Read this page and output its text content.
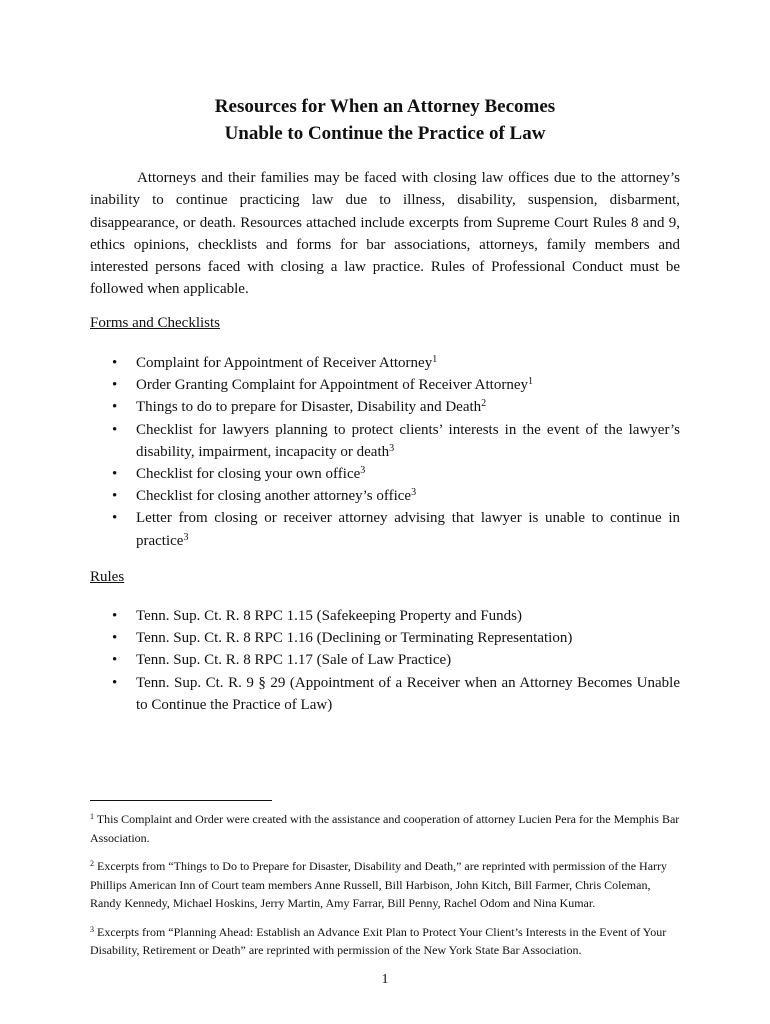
Resources for When an Attorney Becomes
Unable to Continue the Practice of Law

Attorneys and their families may be faced with closing law offices due to the attorney’s inability to continue practicing law due to illness, disability, suspension, disbarment, disappearance, or death. Resources attached include excerpts from Supreme Court Rules 8 and 9, ethics opinions, checklists and forms for bar associations, attorneys, family members and interested persons faced with closing a law practice. Rules of Professional Conduct must be followed when applicable.

Forms and Checklists

• Complaint for Appointment of Receiver Attorney$^1$
• Order Granting Complaint for Appointment of Receiver Attorney$^1$
• Things to do to prepare for Disaster, Disability and Death$^2$
• Checklist for lawyers planning to protect clients’ interests in the event of the lawyer’s disability, impairment, incapacity or death$^3$
• Checklist for closing your own office$^3$
• Checklist for closing another attorney’s office$^3$
• Letter from closing or receiver attorney advising that lawyer is unable to continue in practice$^3$

Rules

• Tenn. Sup. Ct. R. 8 RPC 1.15 (Safekeeping Property and Funds)
• Tenn. Sup. Ct. R. 8 RPC 1.16 (Declining or Terminating Representation)
• Tenn. Sup. Ct. R. 8 RPC 1.17 (Sale of Law Practice)
• Tenn. Sup. Ct. R. 9 § 29 (Appointment of a Receiver when an Attorney Becomes Unable to Continue the Practice of Law)

$^1$ This Complaint and Order were created with the assistance and cooperation of attorney Lucien Pera for the Memphis Bar Association.

$^2$ Excerpts from “Things to Do to Prepare for Disaster, Disability and Death,” are reprinted with permission of the Harry Phillips American Inn of Court team members Anne Russell, Bill Harbison, John Kitch, Bill Farmer, Chris Coleman, Randy Kennedy, Michael Hoskins, Jerry Martin, Amy Farrar, Bill Penny, Rachel Odom and Nina Kumar.

$^3$ Excerpts from “Planning Ahead: Establish an Advance Exit Plan to Protect Your Client’s Interests in the Event of Your Disability, Retirement or Death” are reprinted with permission of the New York State Bar Association.

1
